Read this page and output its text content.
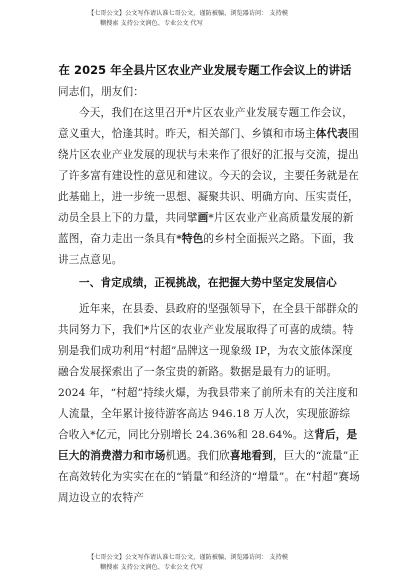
【七哥公文】公文写作请认准七哥公文，谨防被骗，浏览器访问： 支持模
糊搜索 支持公文润色、专业公文 代写
在 2025 年全县片区农业产业发展专题工作会议上的讲话

同志们，朋友们：

今天，我们在这里召开*片区农业产业发展专题工作会议，意义重大，恰逢其时。昨天，相关部门、乡镇和市场主体代表围绕片区农业产业发展的现状与未来作了很好的汇报与交流，提出了许多富有建设性的意见和建议。今天的会议，主要任务就是在此基础上，进一步统一思想、凝聚共识、明确方向、压实责任，动员全县上下的力量，共同擘画*片区农业产业高质量发展的新蓝图，奋力走出一条具有*特色的乡村全面振兴之路。下面，我讲三点意见。

一、肯定成绩，正视挑战，在把握大势中坚定发展信心

近年来，在县委、县政府的坚强领导下，在全县干部群众的共同努力下，我们*片区的农业产业发展取得了可喜的成绩。特别是我们成功利用“村超”品牌这一现象级 IP，为农文旅体深度融合发展探索出了一条宝贵的新路。数据是最有力的证明。2024 年，“村超”持续火爆，为我县带来了前所未有的关注度和人流量，全年累计接待游客高达 946.18 万人次，实现旅游综合收入*亿元，同比分别增长 24.36%和 28.64%。这背后，是巨大的消费潜力和市场机遇。我们欣喜地看到，巨大的“流量”正在高效转化为实实在在的“销量”和经济的“增量”。在“村超”赛场周边设立的农特产

【七哥公文】公文写作请认准七哥公文，谨防被骗，浏览器访问： 支持模
糊搜索 支持公文润色、专业公文 代写
